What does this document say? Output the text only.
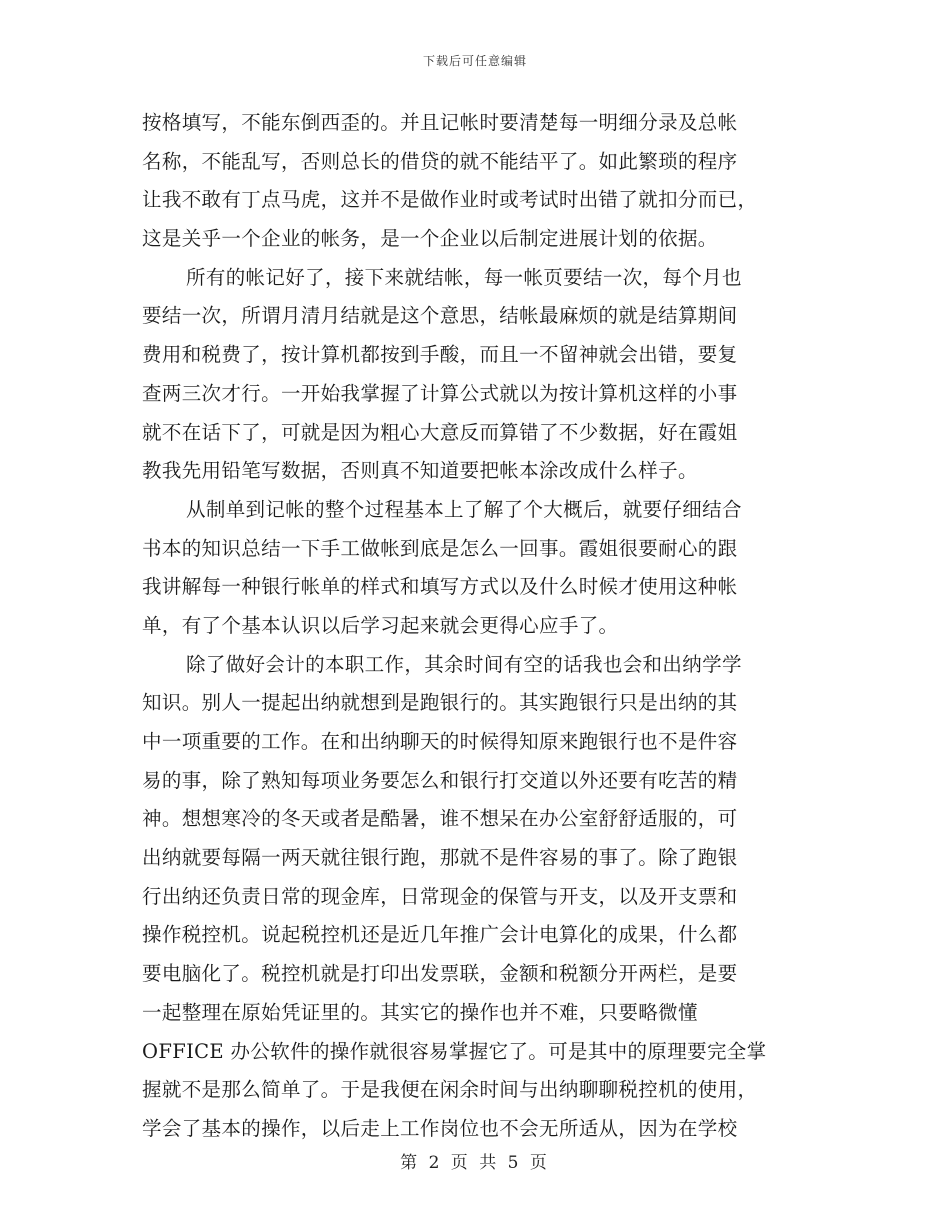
下载后可任意编辑
按格填写，不能东倒西歪的。并且记帐时要清楚每一明细分录及总帐
名称，不能乱写，否则总长的借贷的就不能结平了。如此繁琐的程序
让我不敢有丁点马虎，这并不是做作业时或考试时出错了就扣分而已，
这是关乎一个企业的帐务，是一个企业以后制定进展计划的依据。
所有的帐记好了，接下来就结帐，每一帐页要结一次，每个月也
要结一次，所谓月清月结就是这个意思，结帐最麻烦的就是结算期间
费用和税费了，按计算机都按到手酸，而且一不留神就会出错，要复
查两三次才行。一开始我掌握了计算公式就以为按计算机这样的小事
就不在话下了，可就是因为粗心大意反而算错了不少数据，好在霞姐
教我先用铅笔写数据，否则真不知道要把帐本涂改成什么样子。
从制单到记帐的整个过程基本上了解了个大概后，就要仔细结合
书本的知识总结一下手工做帐到底是怎么一回事。霞姐很要耐心的跟
我讲解每一种银行帐单的样式和填写方式以及什么时候才使用这种帐
单，有了个基本认识以后学习起来就会更得心应手了。
除了做好会计的本职工作，其余时间有空的话我也会和出纳学学
知识。别人一提起出纳就想到是跑银行的。其实跑银行只是出纳的其
中一项重要的工作。在和出纳聊天的时候得知原来跑银行也不是件容
易的事，除了熟知每项业务要怎么和银行打交道以外还要有吃苦的精
神。想想寒冷的冬天或者是酷暑，谁不想呆在办公室舒舒适服的，可
出纳就要每隔一两天就往银行跑，那就不是件容易的事了。除了跑银
行出纳还负责日常的现金库，日常现金的保管与开支，以及开支票和
操作税控机。说起税控机还是近几年推广会计电算化的成果，什么都
要电脑化了。税控机就是打印出发票联，金额和税额分开两栏，是要
一起整理在原始凭证里的。其实它的操作也并不难，只要略微懂
OFFICE 办公软件的操作就很容易掌握它了。可是其中的原理要完全掌
握就不是那么简单了。于是我便在闲余时间与出纳聊聊税控机的使用，
学会了基本的操作，以后走上工作岗位也不会无所适从，因为在学校
第 2 页 共 5 页
